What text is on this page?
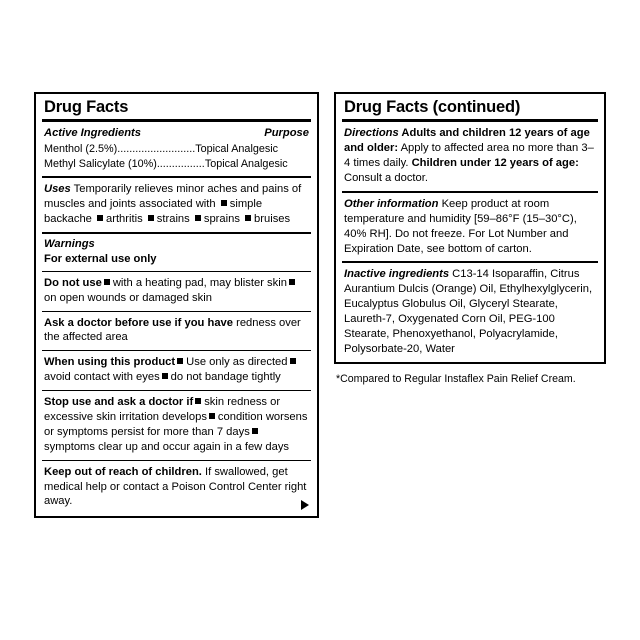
Drug Facts
Active Ingredients	Purpose
Menthol (2.5%)..........................Topical Analgesic
Methyl Salicylate (10%)................Topical Analgesic
Uses Temporarily relieves minor aches and pains of muscles and joints associated with simple backache arthritis strains sprains bruises
Warnings
For external use only
Do not use with a heating pad, may blister skinon open wounds or damaged skin
Ask a doctor before use if you have redness over the affected area
When using this product Use only as directedavoid contact with eyes do not bandage tightly
Stop use and ask a doctor if skin redness or excessive skin irritation develops condition worsens or symptoms persist for more than 7 dayssymptoms clear up and occur again in a few days
Keep out of reach of children. If swallowed, get medical help or contact a Poison Control Center right away.
Drug Facts (continued)
Directions Adults and children 12 years of age and older: Apply to affected area no more than 3–4 times daily. Children under 12 years of age: Consult a doctor.
Other information Keep product at room temperature and humidity [59–86°F (15–30°C), 40% RH]. Do not freeze. For Lot Number and Expiration Date, see bottom of carton.
Inactive ingredients C13-14 Isoparaffin, Citrus Aurantium Dulcis (Orange) Oil, Ethylhexylglycerin, Eucalyptus Globulus Oil, Glyceryl Stearate, Laureth-7, Oxygenated Corn Oil, PEG-100 Stearate, Phenoxyethanol, Polyacrylamide, Polysorbate-20, Water
*Compared to Regular Instaflex Pain Relief Cream.
